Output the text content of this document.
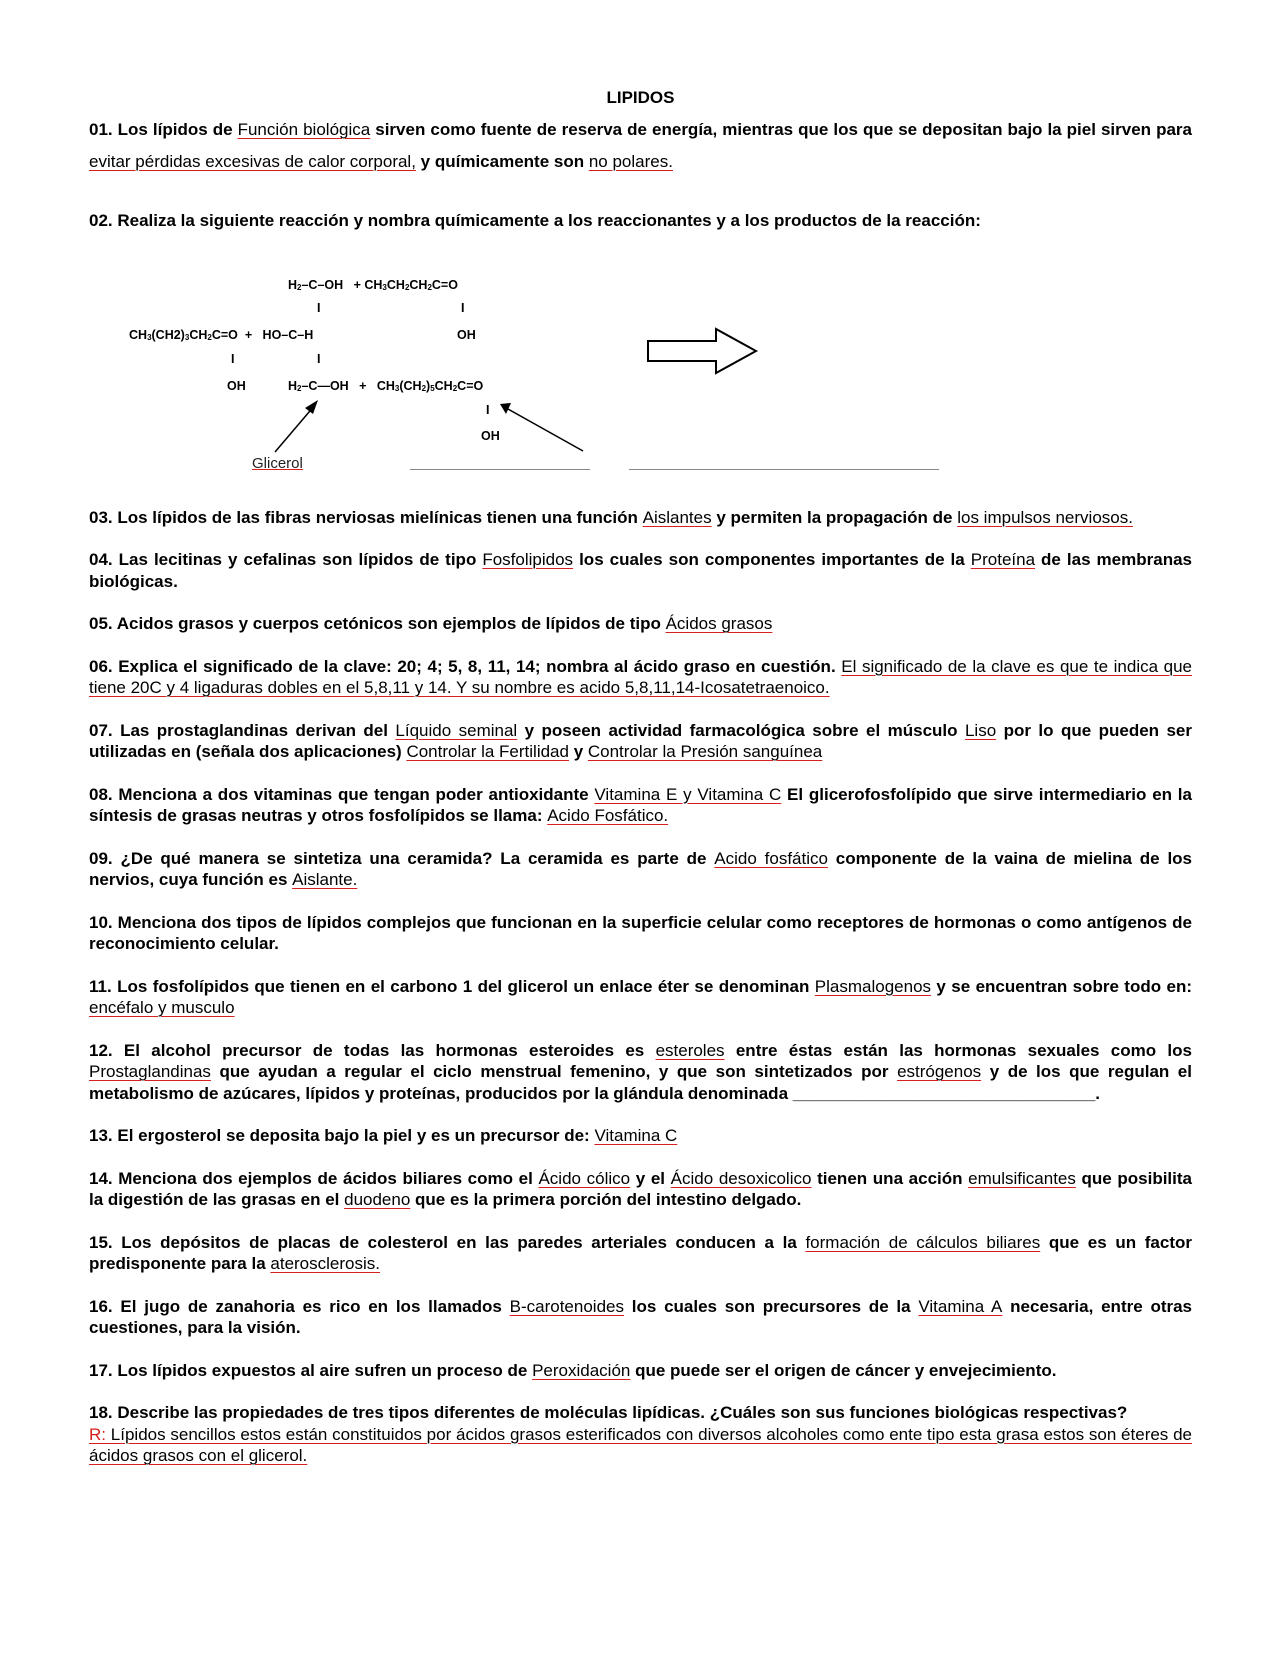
$H_2-C-OH + CH_3CH_2CH_2C=O$
I	I
$CH_3(CH2)_3CH_2C=O + HO-C-H$	OH
I	I
OH	$H_2-C—OH + CH_3(CH_2)_5CH_2C=O$
I
OH
Glicerol
LIPIDOS

01. Los lípidos de Función biológica sirven como fuente de reserva de energía, mientras que los que se depositan bajo la piel sirven para evitar pérdidas excesivas de calor corporal, y químicamente son no polares.

02. Realiza la siguiente reacción y nombra químicamente a los reaccionantes y a los productos de la reacción:

03. Los lípidos de las fibras nerviosas mielínicas tienen una función Aislantes y permiten la propagación de los impulsos nerviosos.

04. Las lecitinas y cefalinas son lípidos de tipo Fosfolipidos los cuales son componentes importantes de la Proteína de las membranas biológicas.

05. Acidos grasos y cuerpos cetónicos son ejemplos de lípidos de tipo Ácidos grasos

06. Explica el significado de la clave: 20; 4; 5, 8, 11, 14; nombra al ácido graso en cuestión. El significado de la clave es que te indica que tiene 20C y 4 ligaduras dobles en el 5,8,11 y 14. Y su nombre es acido 5,8,11,14-Icosatetraenoico.

07. Las prostaglandinas derivan del Líquido seminal y poseen actividad farmacológica sobre el músculo Liso por lo que pueden ser utilizadas en (señala dos aplicaciones) Controlar la Fertilidad y Controlar la Presión sanguínea

08. Menciona a dos vitaminas que tengan poder antioxidante Vitamina E y Vitamina C El glicerofosfolípido que sirve intermediario en la síntesis de grasas neutras y otros fosfolípidos se llama: Acido Fosfático.

09. ¿De qué manera se sintetiza una ceramida? La ceramida es parte de Acido fosfático componente de la vaina de mielina de los nervios, cuya función es Aislante.

10. Menciona dos tipos de lípidos complejos que funcionan en la superficie celular como receptores de hormonas o como antígenos de reconocimiento celular.

11. Los fosfolípidos que tienen en el carbono 1 del glicerol un enlace éter se denominan Plasmalogenos y se encuentran sobre todo en: encéfalo y musculo

12. El alcohol precursor de todas las hormonas esteroides es esteroles entre éstas están las hormonas sexuales como los Prostaglandinas que ayudan a regular el ciclo menstrual femenino, y que son sintetizados por estrógenos y de los que regulan el metabolismo de azúcares, lípidos y proteínas, producidos por la glándula denominada ________________________________.

13. El ergosterol se deposita bajo la piel y es un precursor de: Vitamina C

14. Menciona dos ejemplos de ácidos biliares como el Ácido cólico y el Ácido desoxicolico tienen una acción emulsificantes que posibilita la digestión de las grasas en el duodeno que es la primera porción del intestino delgado.

15. Los depósitos de placas de colesterol en las paredes arteriales conducen a la formación de cálculos biliares que es un factor predisponente para la aterosclerosis.

16. El jugo de zanahoria es rico en los llamados B-carotenoides los cuales son precursores de la Vitamina A necesaria, entre otras cuestiones, para la visión.

17. Los lípidos expuestos al aire sufren un proceso de Peroxidación que puede ser el origen de cáncer y envejecimiento.

18. Describe las propiedades de tres tipos diferentes de moléculas lipídicas. ¿Cuáles son sus funciones biológicas respectivas?
R: Lípidos sencillos estos están constituidos por ácidos grasos esterificados con diversos alcoholes como ente tipo esta grasa estos son éteres de ácidos grasos con el glicerol.
